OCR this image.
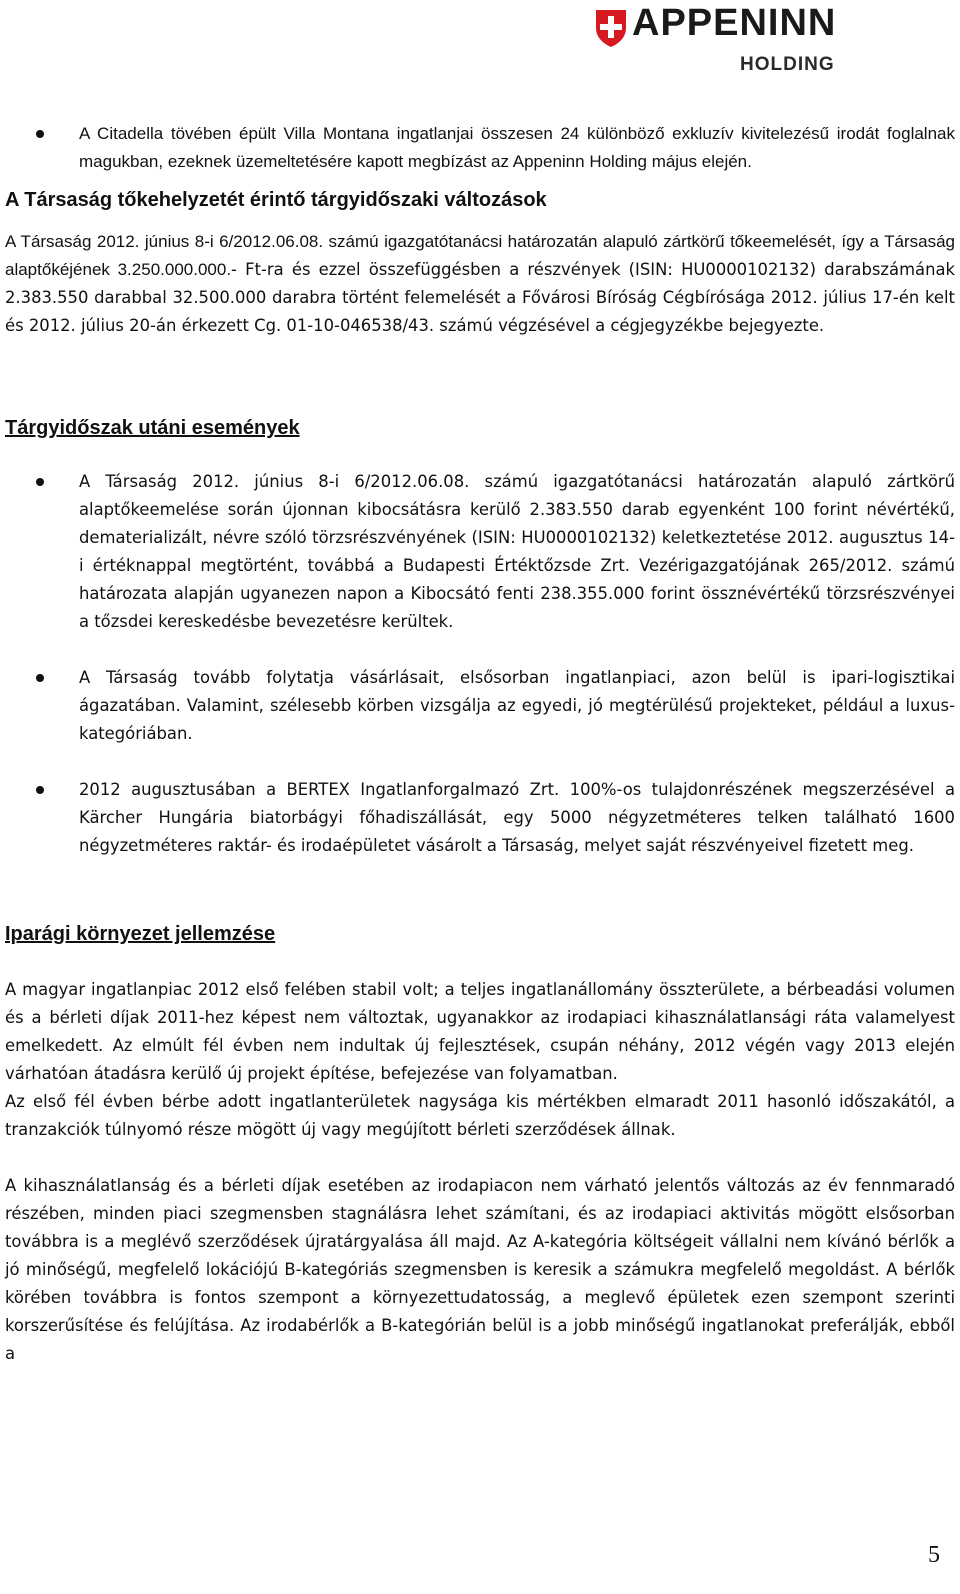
APPENINN
HOLDING

A Citadella tövében épült Villa Montana ingatlanjai összesen 24 különböző exkluzív kivitelezésű irodát foglalnak magukban, ezeknek üzemeltetésére kapott megbízást az Appeninn Holding május elején.

A Társaság tőkehelyzetét érintő tárgyidőszaki változások

A Társaság 2012. június 8-i 6/2012.06.08. számú igazgatótanácsi határozatán alapuló zártkörű tőkeemelését, így a Társaság alaptőkéjének 3.250.000.000.- Ft-ra és ezzel összefüggésben a részvények (ISIN: HU0000102132) darabszámának 2.383.550 darabbal 32.500.000 darabra történt felemelését a Fővárosi Bíróság Cégbírósága 2012. július 17-én kelt és 2012. július 20-án érkezett Cg. 01-10-046538/43. számú végzésével a cégjegyzékbe bejegyezte.

Tárgyidőszak utáni események

A Társaság 2012. június 8-i 6/2012.06.08. számú igazgatótanácsi határozatán alapuló zártkörű alaptőkeemelése során újonnan kibocsátásra kerülő 2.383.550 darab egyenként 100 forint névértékű, dematerializált, névre szóló törzsrészvényének (ISIN: HU0000102132) keletkeztetése 2012. augusztus 14-i értéknappal megtörtént, továbbá a Budapesti Értéktőzsde Zrt. Vezérigazgatójának 265/2012. számú határozata alapján ugyanezen napon a Kibocsátó fenti 238.355.000 forint össznévértékű törzsrészvényei a tőzsdei kereskedésbe bevezetésre kerültek.

A Társaság tovább folytatja vásárlásait, elsősorban ingatlanpiaci, azon belül is ipari-logisztikai ágazatában. Valamint, szélesebb körben vizsgálja az egyedi, jó megtérülésű projekteket, például a luxus-kategóriában.

2012 augusztusában a BERTEX Ingatlanforgalmazó Zrt. 100%-os tulajdonrészének megszerzésével a Kärcher Hungária biatorbágyi főhadiszállását, egy 5000 négyzetméteres telken található 1600 négyzetméteres raktár- és irodaépületet vásárolt a Társaság, melyet saját részvényeivel fizetett meg.

Iparági környezet jellemzése

A magyar ingatlanpiac 2012 első felében stabil volt; a teljes ingatlanállomány összterülete, a bérbeadási volumen és a bérleti díjak 2011-hez képest nem változtak, ugyanakkor az irodapiaci kihasználatlansági ráta valamelyest emelkedett. Az elmúlt fél évben nem indultak új fejlesztések, csupán néhány, 2012 végén vagy 2013 elején várhatóan átadásra kerülő új projekt építése, befejezése van folyamatban.

Az első fél évben bérbe adott ingatlanterületek nagysága kis mértékben elmaradt 2011 hasonló időszakától, a tranzakciók túlnyomó része mögött új vagy megújított bérleti szerződések állnak.

A kihasználatlanság és a bérleti díjak esetében az irodapiacon nem várható jelentős változás az év fennmaradó részében, minden piaci szegmensben stagnálásra lehet számítani, és az irodapiaci aktivitás mögött elsősorban továbbra is a meglévő szerződések újratárgyalása áll majd. Az A-kategória költségeit vállalni nem kívánó bérlők a jó minőségű, megfelelő lokációjú B-kategóriás szegmensben is keresik a számukra megfelelő megoldást. A bérlők körében továbbra is fontos szempont a környezettudatosság, a meglevő épületek ezen szempont szerinti korszerűsítése és felújítása. Az irodabérlők a B-kategórián belül is a jobb minőségű ingatlanokat preferálják, ebből a

5
